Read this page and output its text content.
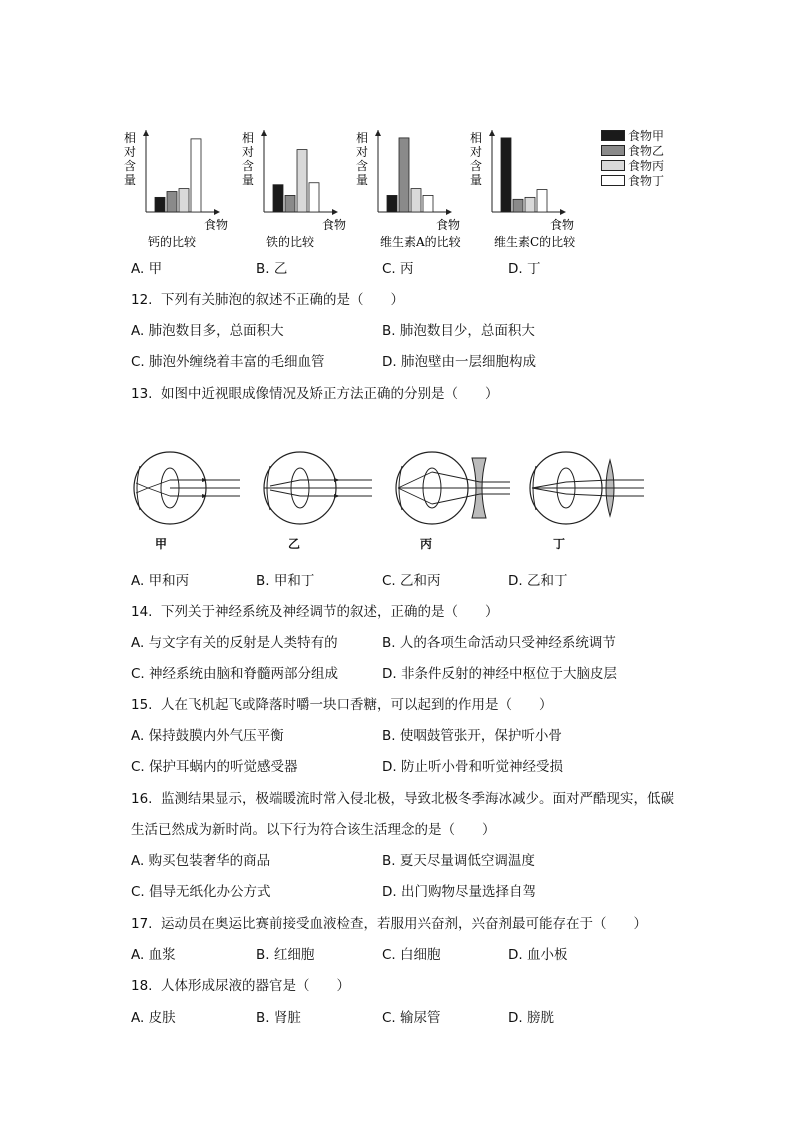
相
对
含
量
食物
钙的比较
相
对
含
量
食物
铁的比较
相
对
含
量
食物
维生素A的比较
相
对
含
量
食物
维生素C的比较
食物甲
食物乙
食物丙
食物丁
A. 甲	B. 乙	C. 丙	D. 丁
12. 下列有关肺泡的叙述不正确的是（　　）
A. 肺泡数目多，总面积大	B. 肺泡数目少，总面积大
C. 肺泡外缠绕着丰富的毛细血管	D. 肺泡壁由一层细胞构成
13. 如图中近视眼成像情况及矫正方法正确的分别是（　　）
甲	乙	丙	丁
A. 甲和丙	B. 甲和丁	C. 乙和丙	D. 乙和丁
14. 下列关于神经系统及神经调节的叙述，正确的是（　　）
A. 与文字有关的反射是人类特有的	B. 人的各项生命活动只受神经系统调节
C. 神经系统由脑和脊髓两部分组成	D. 非条件反射的神经中枢位于大脑皮层
15. 人在飞机起飞或降落时嚼一块口香糖，可以起到的作用是（　　）
A. 保持鼓膜内外气压平衡	B. 使咽鼓管张开，保护听小骨
C. 保护耳蜗内的听觉感受器	D. 防止听小骨和听觉神经受损
16. 监测结果显示，极端暖流时常入侵北极，导致北极冬季海冰减少。面对严酷现实，低碳
生活已然成为新时尚。以下行为符合该生活理念的是（　　）
A. 购买包装奢华的商品	B. 夏天尽量调低空调温度
C. 倡导无纸化办公方式	D. 出门购物尽量选择自驾
17. 运动员在奥运比赛前接受血液检查，若服用兴奋剂，兴奋剂最可能存在于（　　）
A. 血浆	B. 红细胞	C. 白细胞	D. 血小板
18. 人体形成尿液的器官是（　　）
A. 皮肤	B. 肾脏	C. 输尿管	D. 膀胱
